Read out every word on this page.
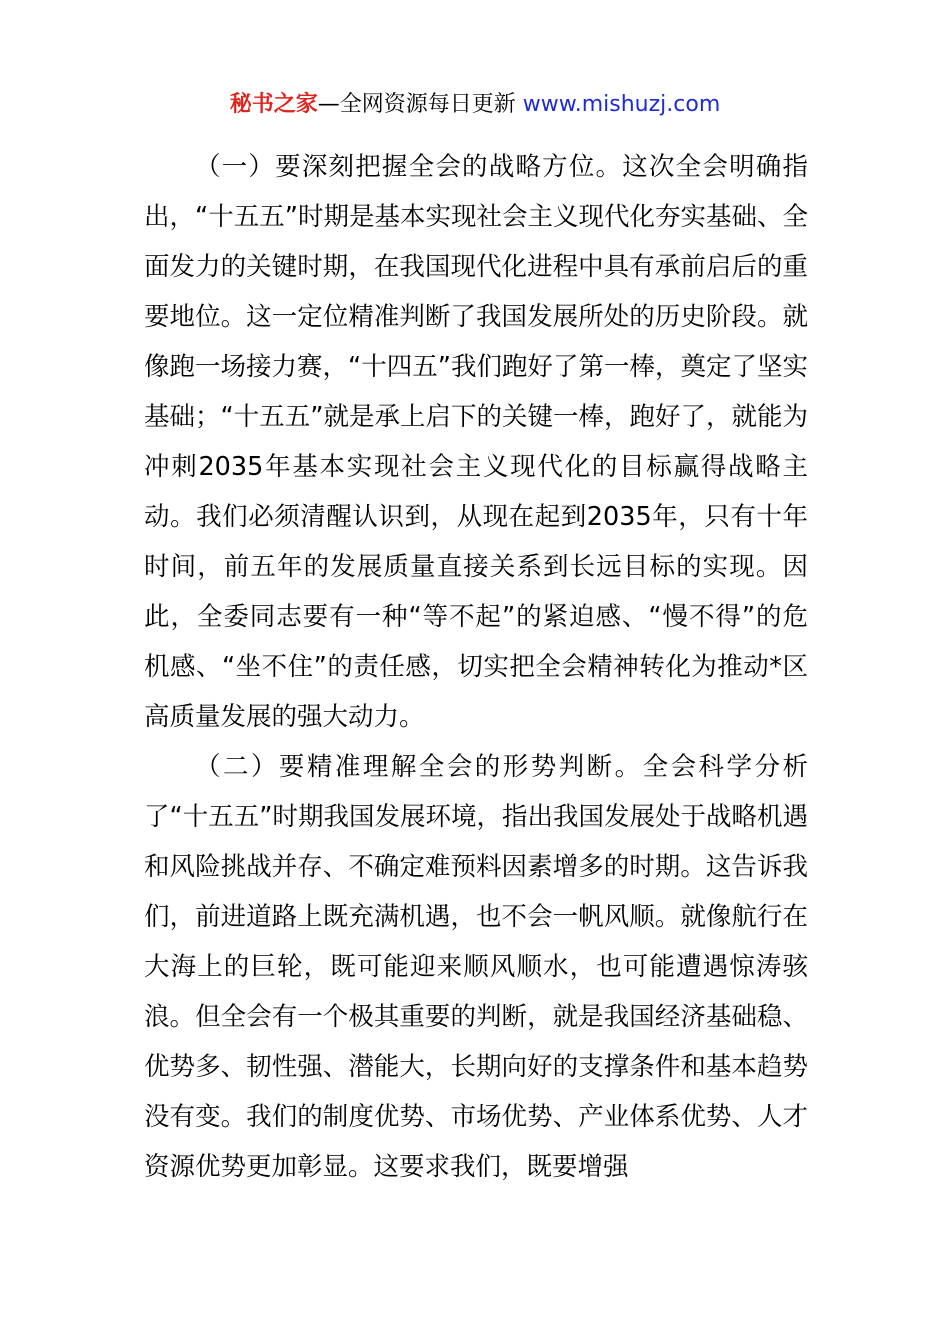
秘书之家—全网资源每日更新 www.mishuzj.com

（一）要深刻把握全会的战略方位。这次全会明确指出，“十五五”时期是基本实现社会主义现代化夯实基础、全面发力的关键时期，在我国现代化进程中具有承前启后的重要地位。这一定位精准判断了我国发展所处的历史阶段。就像跑一场接力赛，“十四五”我们跑好了第一棒，奠定了坚实基础；“十五五”就是承上启下的关键一棒，跑好了，就能为冲刺2035年基本实现社会主义现代化的目标赢得战略主动。我们必须清醒认识到，从现在起到2035年，只有十年时间，前五年的发展质量直接关系到长远目标的实现。因此，全委同志要有一种“等不起”的紧迫感、“慢不得”的危机感、“坐不住”的责任感，切实把全会精神转化为推动*区高质量发展的强大动力。

（二）要精准理解全会的形势判断。全会科学分析了“十五五”时期我国发展环境，指出我国发展处于战略机遇和风险挑战并存、不确定难预料因素增多的时期。这告诉我们，前进道路上既充满机遇，也不会一帆风顺。就像航行在大海上的巨轮，既可能迎来顺风顺水，也可能遭遇惊涛骇浪。但全会有一个极其重要的判断，就是我国经济基础稳、优势多、韧性强、潜能大，长期向好的支撑条件和基本趋势没有变。我们的制度优势、市场优势、产业体系优势、人才资源优势更加彰显。这要求我们，既要增强
